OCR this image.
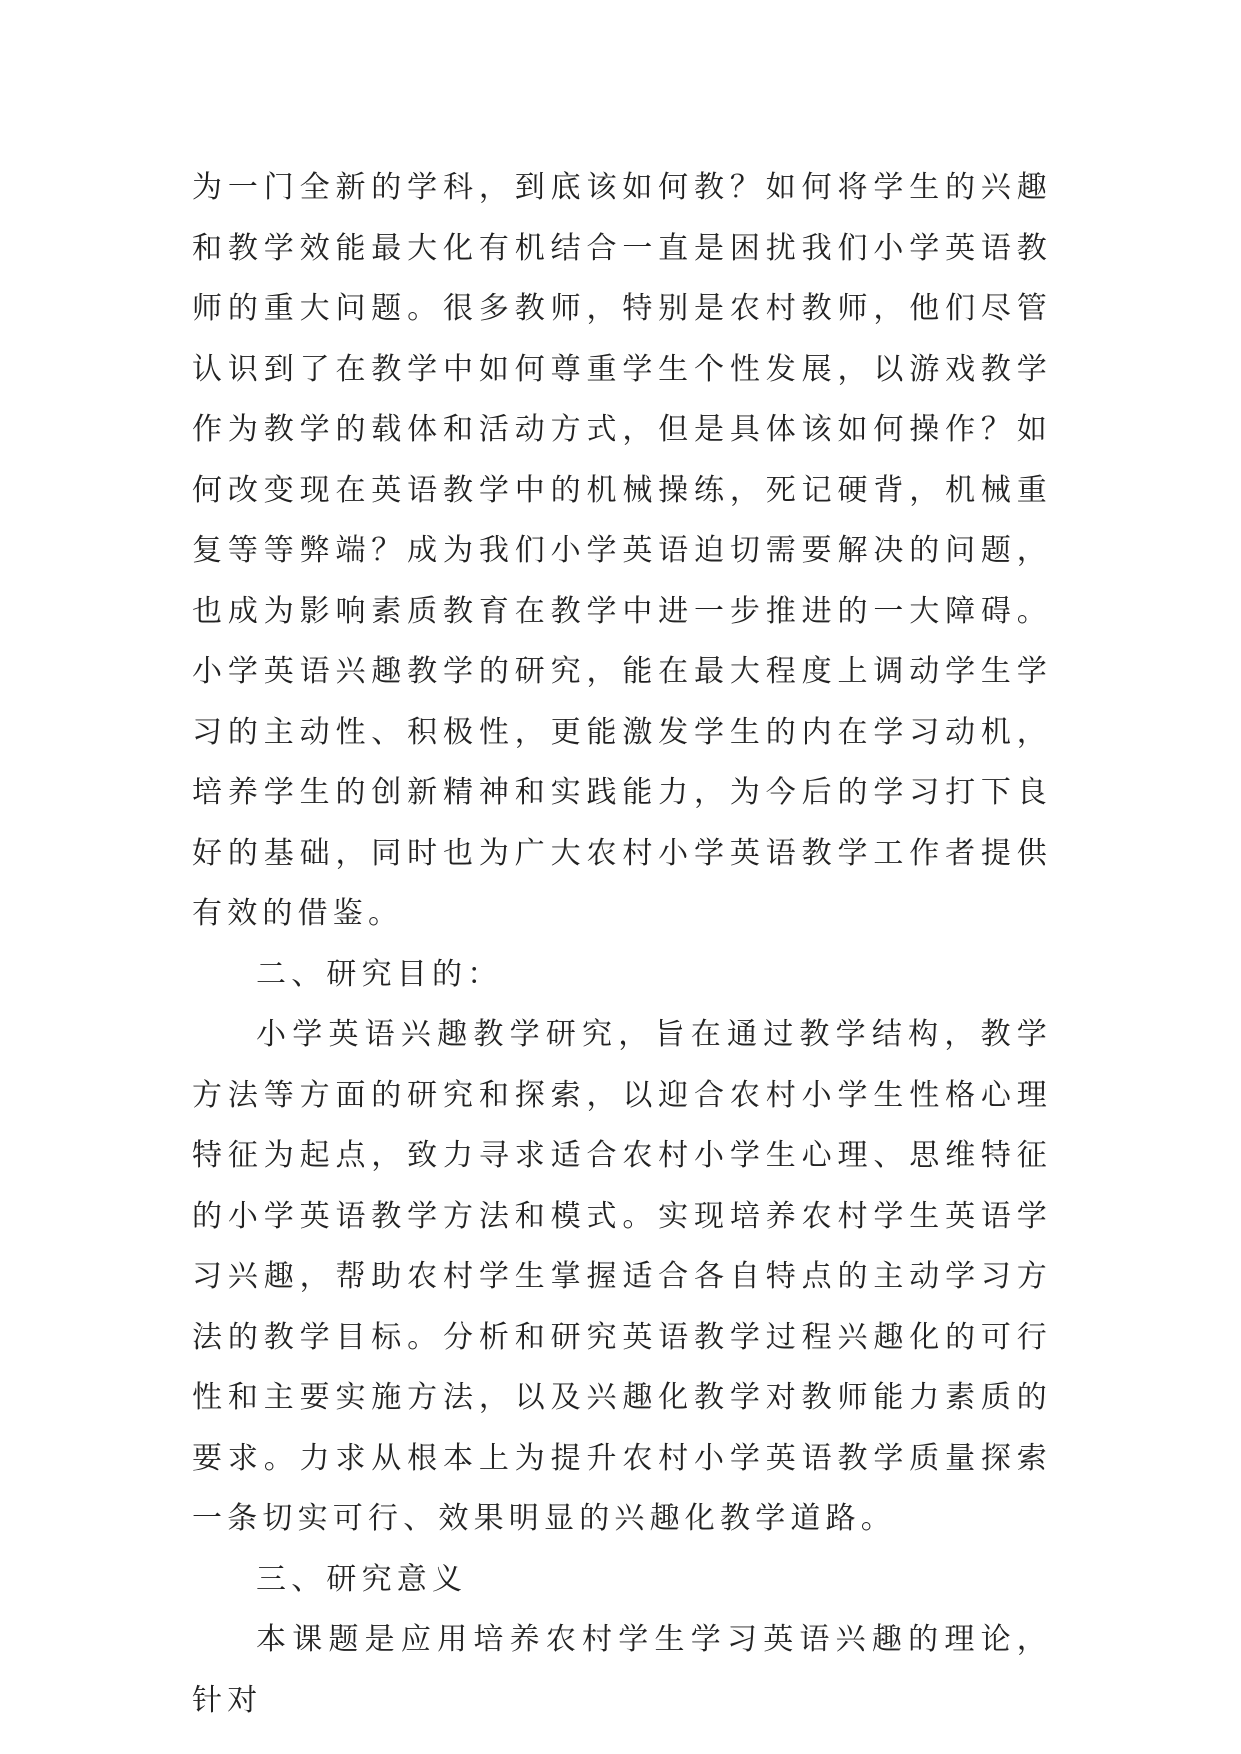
为一门全新的学科，到底该如何教？如何将学生的兴趣和教学效能最大化有机结合一直是困扰我们小学英语教师的重大问题。很多教师，特别是农村教师，他们尽管认识到了在教学中如何尊重学生个性发展，以游戏教学作为教学的载体和活动方式，但是具体该如何操作？如何改变现在英语教学中的机械操练，死记硬背，机械重复等等弊端？成为我们小学英语迫切需要解决的问题，也成为影响素质教育在教学中进一步推进的一大障碍。小学英语兴趣教学的研究，能在最大程度上调动学生学习的主动性、积极性，更能激发学生的内在学习动机，培养学生的创新精神和实践能力，为今后的学习打下良好的基础，同时也为广大农村小学英语教学工作者提供有效的借鉴。

二、研究目的：

小学英语兴趣教学研究，旨在通过教学结构，教学方法等方面的研究和探索，以迎合农村小学生性格心理特征为起点，致力寻求适合农村小学生心理、思维特征的小学英语教学方法和模式。实现培养农村学生英语学习兴趣，帮助农村学生掌握适合各自特点的主动学习方法的教学目标。分析和研究英语教学过程兴趣化的可行性和主要实施方法，以及兴趣化教学对教师能力素质的要求。力求从根本上为提升农村小学英语教学质量探索一条切实可行、效果明显的兴趣化教学道路。

三、研究意义

本课题是应用培养农村学生学习英语兴趣的理论，针对
